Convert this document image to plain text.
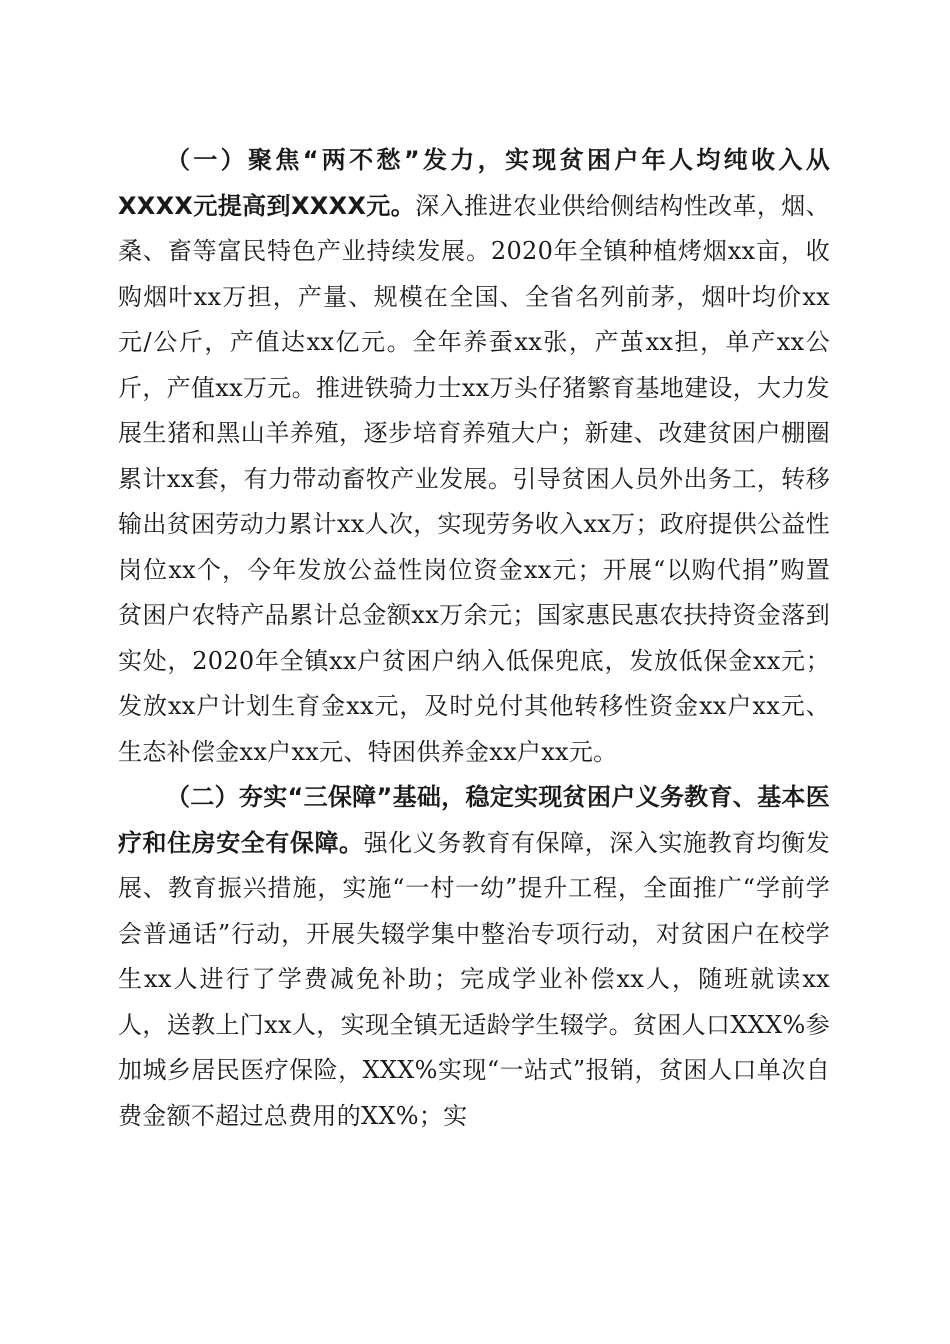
（一）聚焦“两不愁”发力，实现贫困户年人均纯收入从XXXX元提高到XXXX元。深入推进农业供给侧结构性改革，烟、桑、畜等富民特色产业持续发展。2020年全镇种植烤烟xx亩，收购烟叶xx万担，产量、规模在全国、全省名列前茅，烟叶均价xx元/公斤，产值达xx亿元。全年养蚕xx张，产茧xx担，单产xx公斤，产值xx万元。推进铁骑力士xx万头仔猪繁育基地建设，大力发展生猪和黑山羊养殖，逐步培育养殖大户；新建、改建贫困户棚圈累计xx套，有力带动畜牧产业发展。引导贫困人员外出务工，转移输出贫困劳动力累计xx人次，实现劳务收入xx万；政府提供公益性岗位xx个，今年发放公益性岗位资金xx元；开展“以购代捐”购置贫困户农特产品累计总金额xx万余元；国家惠民惠农扶持资金落到实处，2020年全镇xx户贫困户纳入低保兜底，发放低保金xx元；发放xx户计划生育金xx元，及时兑付其他转移性资金xx户xx元、生态补偿金xx户xx元、特困供养金xx户xx元。

（二）夯实“三保障”基础，稳定实现贫困户义务教育、基本医疗和住房安全有保障。强化义务教育有保障，深入实施教育均衡发展、教育振兴措施，实施“一村一幼”提升工程，全面推广“学前学会普通话”行动，开展失辍学集中整治专项行动，对贫困户在校学生xx人进行了学费减免补助；完成学业补偿xx人，随班就读xx人，送教上门xx人，实现全镇无适龄学生辍学。贫困人口XXX%参加城乡居民医疗保险，XXX%实现“一站式”报销，贫困人口单次自费金额不超过总费用的XX%；实
